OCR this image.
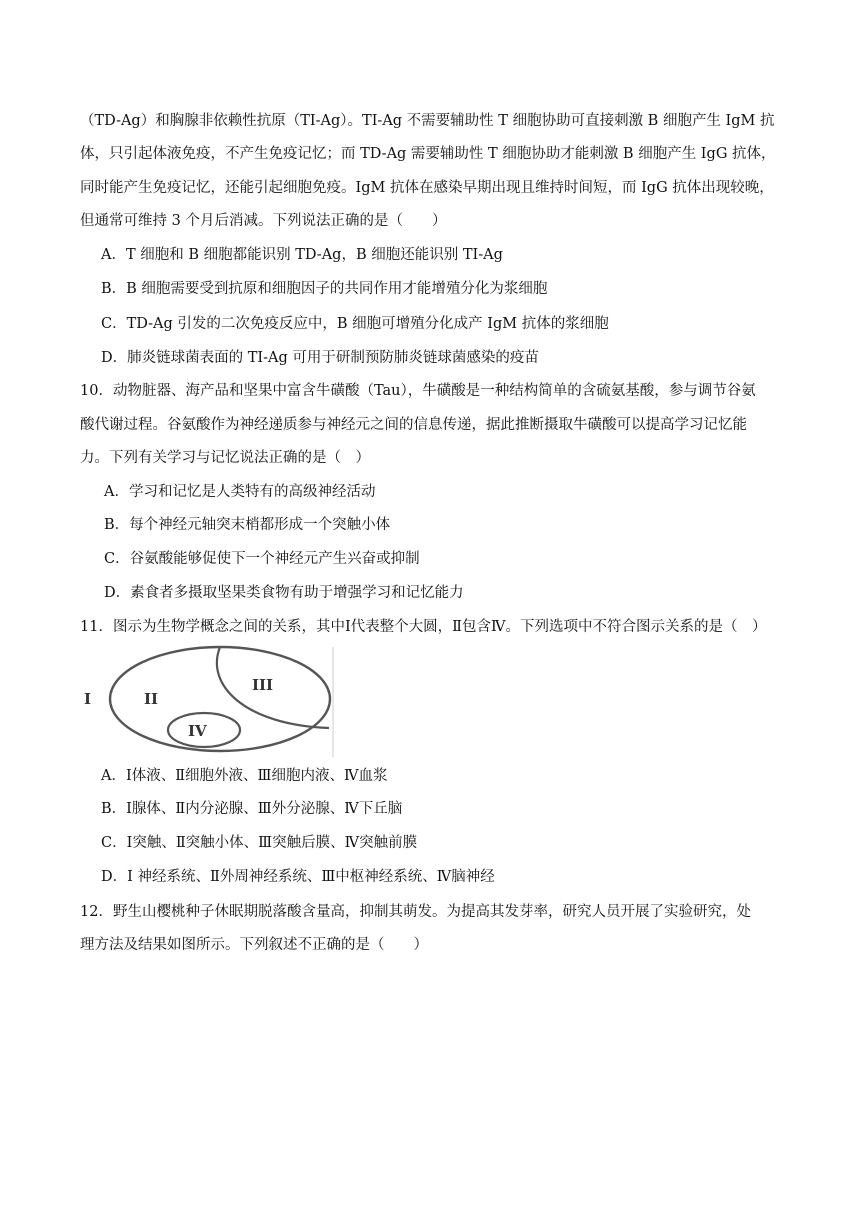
（TD-Ag）和胸腺非依赖性抗原（TI-Ag）。TI-Ag 不需要辅助性 T 细胞协助可直接刺激 B 细胞产生 IgM 抗
体，只引起体液免疫，不产生免疫记忆；而 TD-Ag 需要辅助性 T 细胞协助才能刺激 B 细胞产生 IgG 抗体，
同时能产生免疫记忆，还能引起细胞免疫。IgM 抗体在感染早期出现且维持时间短，而 IgG 抗体出现较晚，
但通常可维持 3 个月后消减。下列说法正确的是（　　）
A．T 细胞和 B 细胞都能识别 TD-Ag，B 细胞还能识别 TI-Ag
B．B 细胞需要受到抗原和细胞因子的共同作用才能增殖分化为浆细胞
C．TD-Ag 引发的二次免疫反应中，B 细胞可增殖分化成产 IgM 抗体的浆细胞
D．肺炎链球菌表面的 TI-Ag 可用于研制预防肺炎链球菌感染的疫苗
10．动物脏器、海产品和坚果中富含牛磺酸（Tau），牛磺酸是一种结构简单的含硫氨基酸，参与调节谷氨
酸代谢过程。谷氨酸作为神经递质参与神经元之间的信息传递，据此推断摄取牛磺酸可以提高学习记忆能
力。下列有关学习与记忆说法正确的是（　）
A．学习和记忆是人类特有的高级神经活动
B．每个神经元轴突末梢都形成一个突触小体
C．谷氨酸能够促使下一个神经元产生兴奋或抑制
D．素食者多摄取坚果类食物有助于增强学习和记忆能力
11．图示为生物学概念之间的关系，其中Ⅰ代表整个大圆，Ⅱ包含Ⅳ。下列选项中不符合图示关系的是（　）
I	II
III
IV
A．Ⅰ体液、Ⅱ细胞外液、Ⅲ细胞内液、Ⅳ血浆
B．Ⅰ腺体、Ⅱ内分泌腺、Ⅲ外分泌腺、Ⅳ下丘脑
C．Ⅰ突触、Ⅱ突触小体、Ⅲ突触后膜、Ⅳ突触前膜
D．I 神经系统、Ⅱ外周神经系统、Ⅲ中枢神经系统、Ⅳ脑神经
12．野生山樱桃种子休眠期脱落酸含量高，抑制其萌发。为提高其发芽率，研究人员开展了实验研究，处
理方法及结果如图所示。下列叙述不正确的是（　　）
